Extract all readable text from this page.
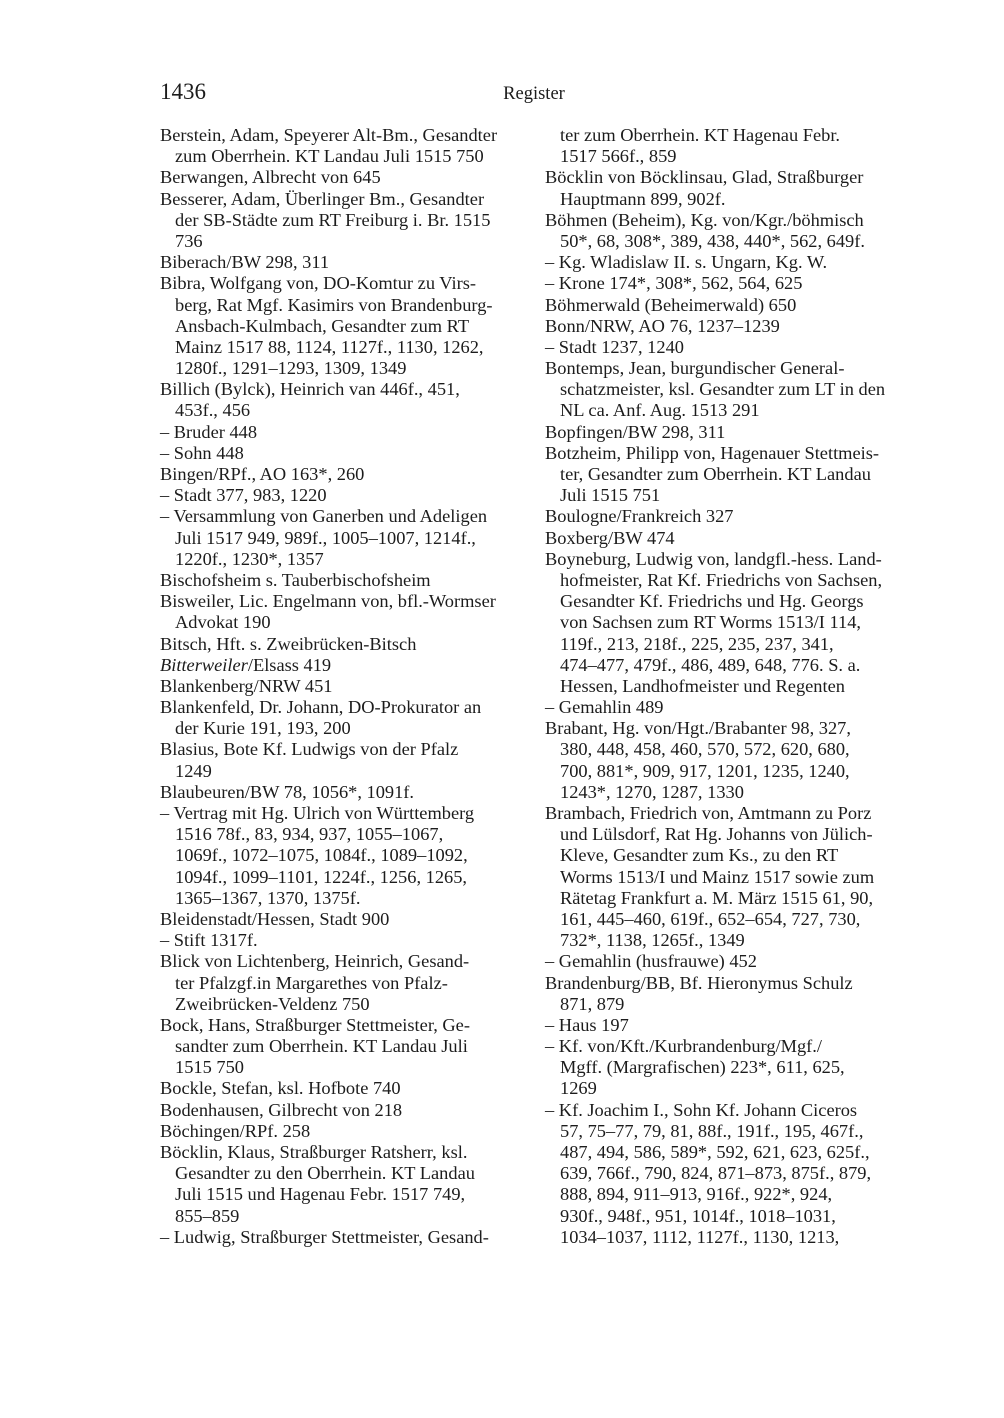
1436	Register
Berstein, Adam, Speyerer Alt-Bm., Gesandter
zum Oberrhein. KT Landau Juli 1515 750
Berwangen, Albrecht von 645
Besserer, Adam, Überlinger Bm., Gesandter
der SB-Städte zum RT Freiburg i. Br. 1515
736
Biberach/BW 298, 311
Bibra, Wolfgang von, DO-Komtur zu Virs-
berg, Rat Mgf. Kasimirs von Brandenburg-
Ansbach-Kulmbach, Gesandter zum RT
Mainz 1517 88, 1124, 1127f., 1130, 1262,
1280f., 1291–1293, 1309, 1349
Billich (Bylck), Heinrich van 446f., 451,
453f., 456
– Bruder 448
– Sohn 448
Bingen/RPf., AO 163*, 260
– Stadt 377, 983, 1220
– Versammlung von Ganerben und Adeligen
Juli 1517 949, 989f., 1005–1007, 1214f.,
1220f., 1230*, 1357
Bischofsheim s. Tauberbischofsheim
Bisweiler, Lic. Engelmann von, bfl.-Wormser
Advokat 190
Bitsch, Hft. s. Zweibrücken-Bitsch
Bitterweiler/Elsass 419
Blankenberg/NRW 451
Blankenfeld, Dr. Johann, DO-Prokurator an
der Kurie 191, 193, 200
Blasius, Bote Kf. Ludwigs von der Pfalz
1249
Blaubeuren/BW 78, 1056*, 1091f.
– Vertrag mit Hg. Ulrich von Württemberg
1516 78f., 83, 934, 937, 1055–1067,
1069f., 1072–1075, 1084f., 1089–1092,
1094f., 1099–1101, 1224f., 1256, 1265,
1365–1367, 1370, 1375f.
Bleidenstadt/Hessen, Stadt 900
– Stift 1317f.
Blick von Lichtenberg, Heinrich, Gesand-
ter Pfalzgf.in Margarethes von Pfalz-
Zweibrücken-Veldenz 750
Bock, Hans, Straßburger Stettmeister, Ge-
sandter zum Oberrhein. KT Landau Juli
1515 750
Bockle, Stefan, ksl. Hofbote 740
Bodenhausen, Gilbrecht von 218
Böchingen/RPf. 258
Böcklin, Klaus, Straßburger Ratsherr, ksl.
Gesandter zu den Oberrhein. KT Landau
Juli 1515 und Hagenau Febr. 1517 749,
855–859
– Ludwig, Straßburger Stettmeister, Gesand-
ter zum Oberrhein. KT Hagenau Febr.
1517 566f., 859
Böcklin von Böcklinsau, Glad, Straßburger
Hauptmann 899, 902f.
Böhmen (Beheim), Kg. von/Kgr./böhmisch
50*, 68, 308*, 389, 438, 440*, 562, 649f.
– Kg. Wladislaw II. s. Ungarn, Kg. W.
– Krone 174*, 308*, 562, 564, 625
Böhmerwald (Beheimerwald) 650
Bonn/NRW, AO 76, 1237–1239
– Stadt 1237, 1240
Bontemps, Jean, burgundischer General-
schatzmeister, ksl. Gesandter zum LT in den
NL ca. Anf. Aug. 1513 291
Bopfingen/BW 298, 311
Botzheim, Philipp von, Hagenauer Stettmeis-
ter, Gesandter zum Oberrhein. KT Landau
Juli 1515 751
Boulogne/Frankreich 327
Boxberg/BW 474
Boyneburg, Ludwig von, landgfl.-hess. Land-
hofmeister, Rat Kf. Friedrichs von Sachsen,
Gesandter Kf. Friedrichs und Hg. Georgs
von Sachsen zum RT Worms 1513/I 114,
119f., 213, 218f., 225, 235, 237, 341,
474–477, 479f., 486, 489, 648, 776. S. a.
Hessen, Landhofmeister und Regenten
– Gemahlin 489
Brabant, Hg. von/Hgt./Brabanter 98, 327,
380, 448, 458, 460, 570, 572, 620, 680,
700, 881*, 909, 917, 1201, 1235, 1240,
1243*, 1270, 1287, 1330
Brambach, Friedrich von, Amtmann zu Porz
und Lülsdorf, Rat Hg. Johanns von Jülich-
Kleve, Gesandter zum Ks., zu den RT
Worms 1513/I und Mainz 1517 sowie zum
Rätetag Frankfurt a. M. März 1515 61, 90,
161, 445–460, 619f., 652–654, 727, 730,
732*, 1138, 1265f., 1349
– Gemahlin (husfrauwe) 452
Brandenburg/BB, Bf. Hieronymus Schulz
871, 879
– Haus 197
– Kf. von/Kft./Kurbrandenburg/Mgf./
Mgff. (Margrafischen) 223*, 611, 625,
1269
– Kf. Joachim I., Sohn Kf. Johann Ciceros
57, 75–77, 79, 81, 88f., 191f., 195, 467f.,
487, 494, 586, 589*, 592, 621, 623, 625f.,
639, 766f., 790, 824, 871–873, 875f., 879,
888, 894, 911–913, 916f., 922*, 924,
930f., 948f., 951, 1014f., 1018–1031,
1034–1037, 1112, 1127f., 1130, 1213,
